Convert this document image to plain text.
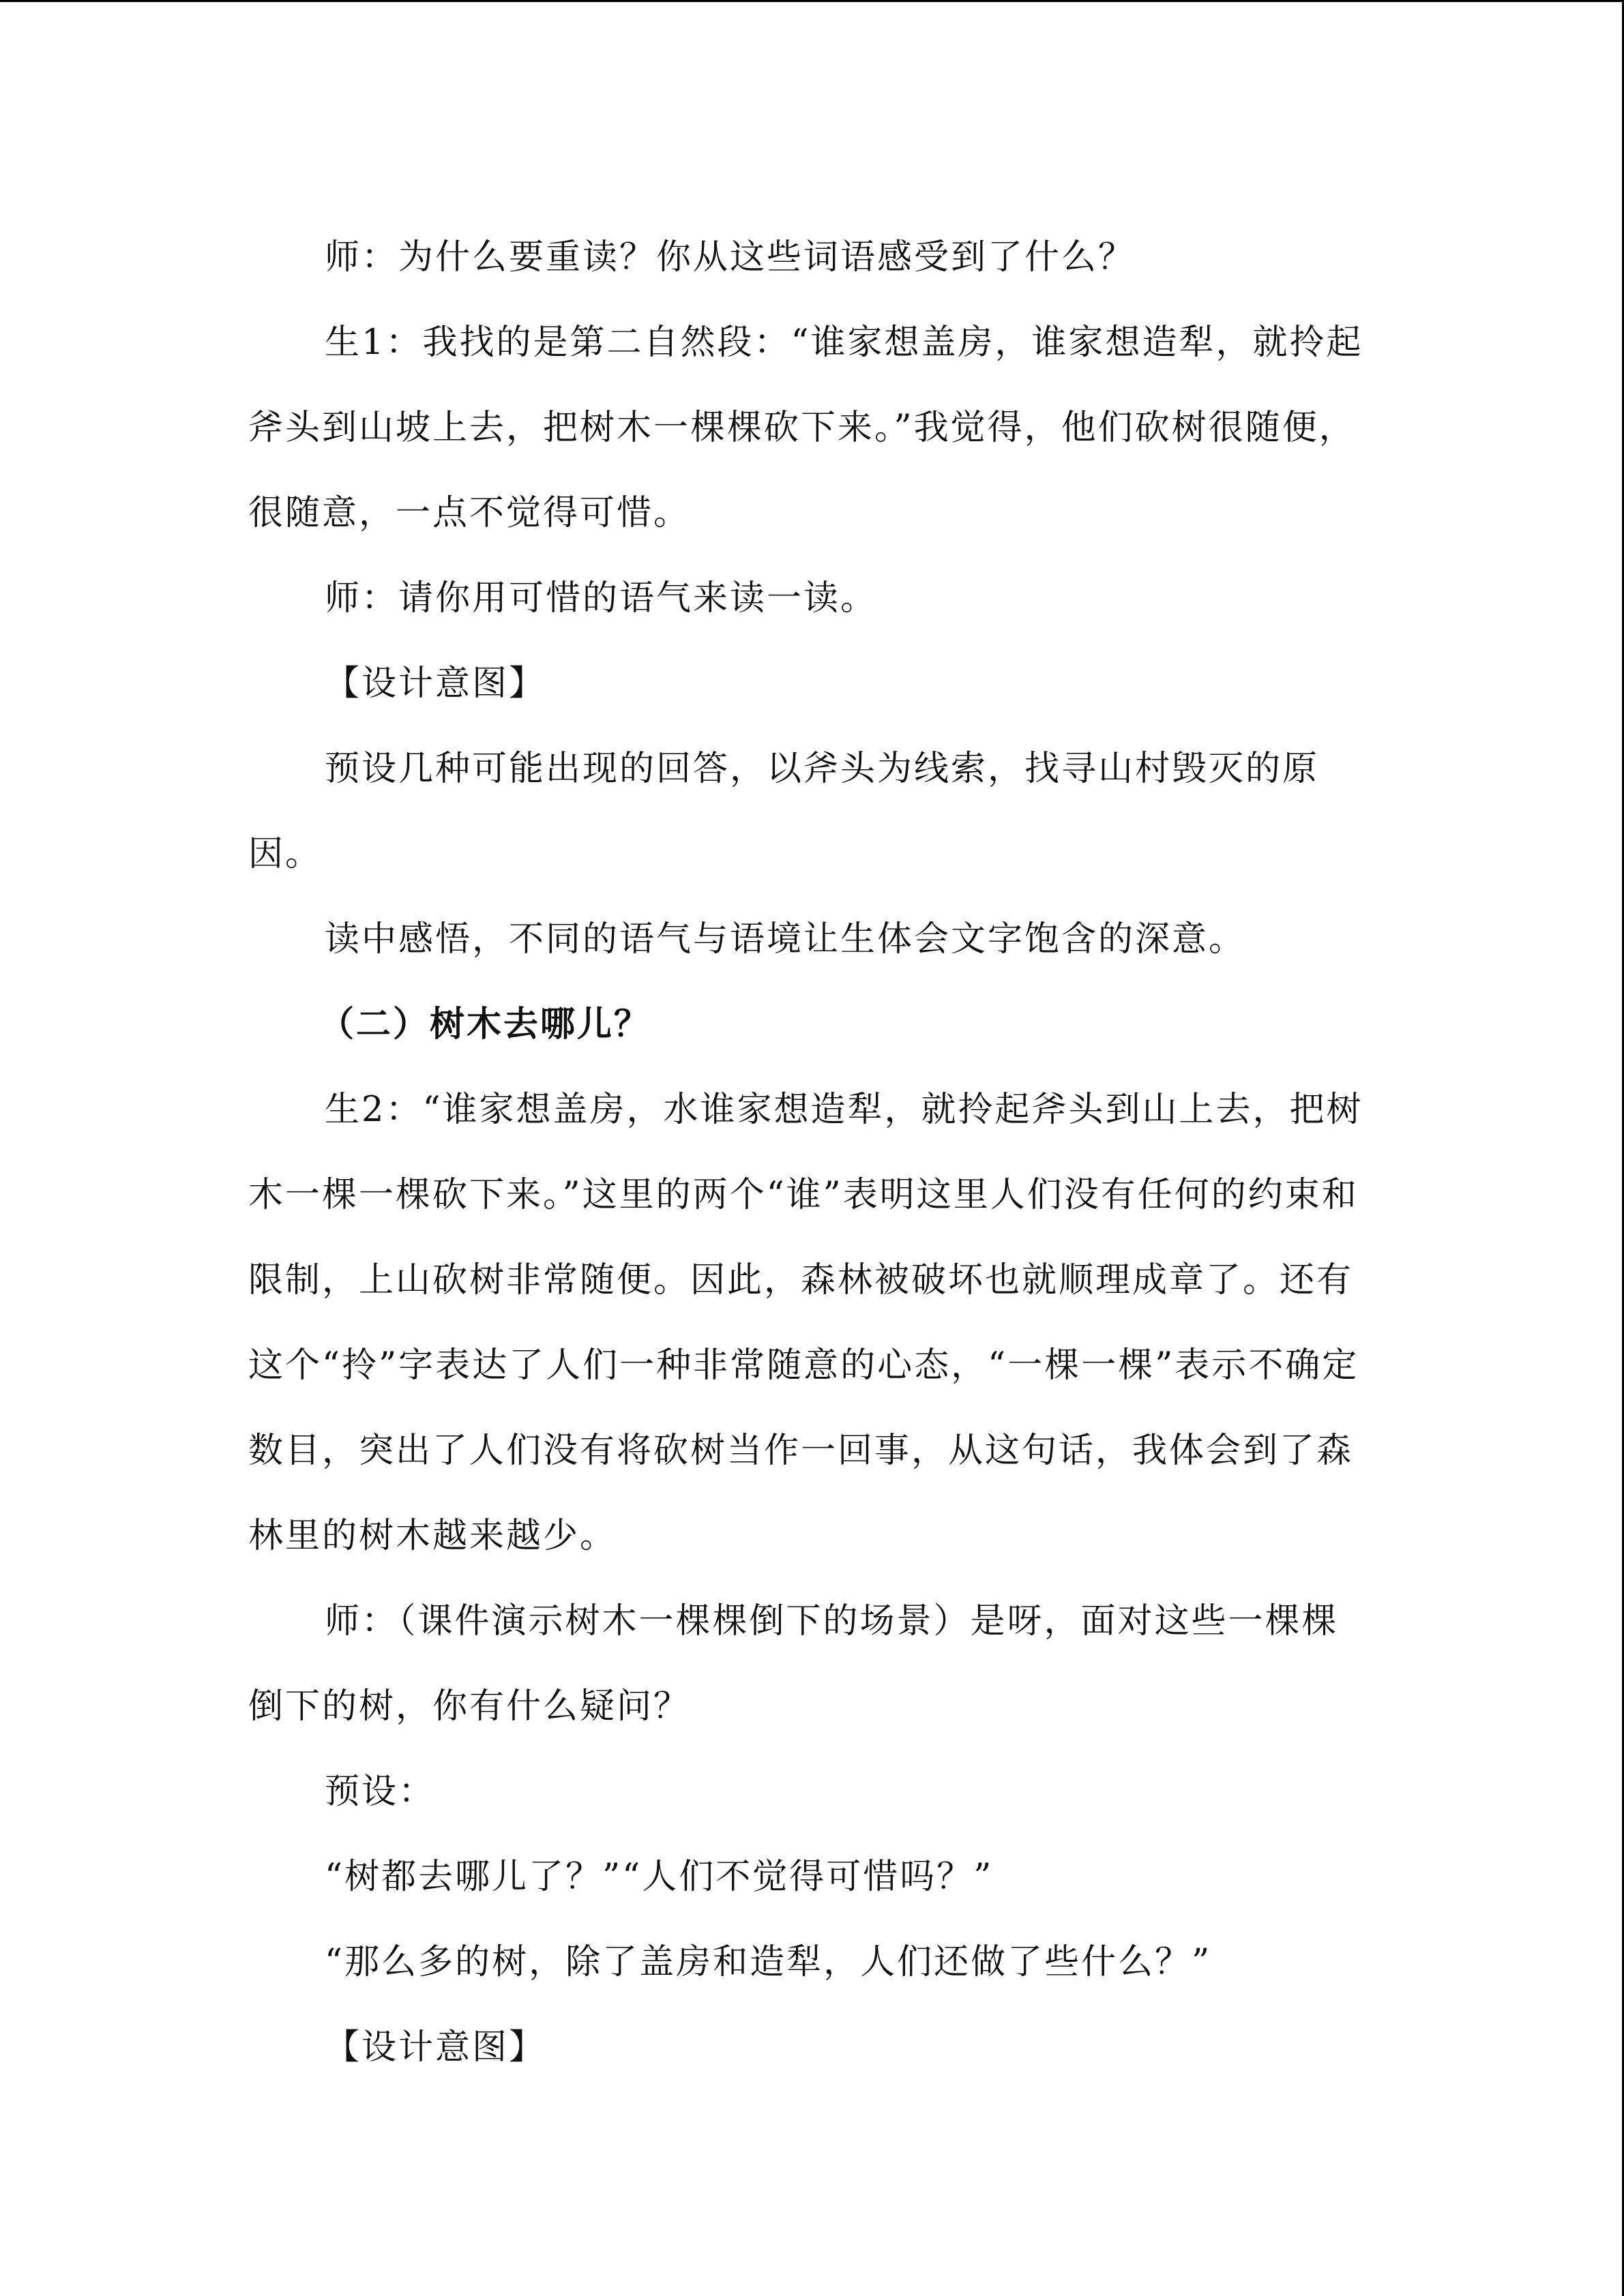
师：为什么要重读？你从这些词语感受到了什么？

生1：我找的是第二自然段：“谁家想盖房，谁家想造犁，就拎起斧头到山坡上去，把树木一棵棵砍下来。”我觉得，他们砍树很随便，很随意，一点不觉得可惜。

师：请你用可惜的语气来读一读。

【设计意图】

预设几种可能出现的回答，以斧头为线索，找寻山村毁灭的原因。

读中感悟，不同的语气与语境让生体会文字饱含的深意。

（二）树木去哪儿？

生2：“谁家想盖房，水谁家想造犁，就拎起斧头到山上去，把树木一棵一棵砍下来。”这里的两个“谁”表明这里人们没有任何的约束和限制，上山砍树非常随便。因此，森林被破坏也就顺理成章了。还有这个“拎”字表达了人们一种非常随意的心态，“一棵一棵”表示不确定数目，突出了人们没有将砍树当作一回事，从这句话，我体会到了森林里的树木越来越少。

师：（课件演示树木一棵棵倒下的场景）是呀，面对这些一棵棵倒下的树，你有什么疑问？

预设：

“树都去哪儿了？”“人们不觉得可惜吗？”

“那么多的树，除了盖房和造犁，人们还做了些什么？”

【设计意图】
